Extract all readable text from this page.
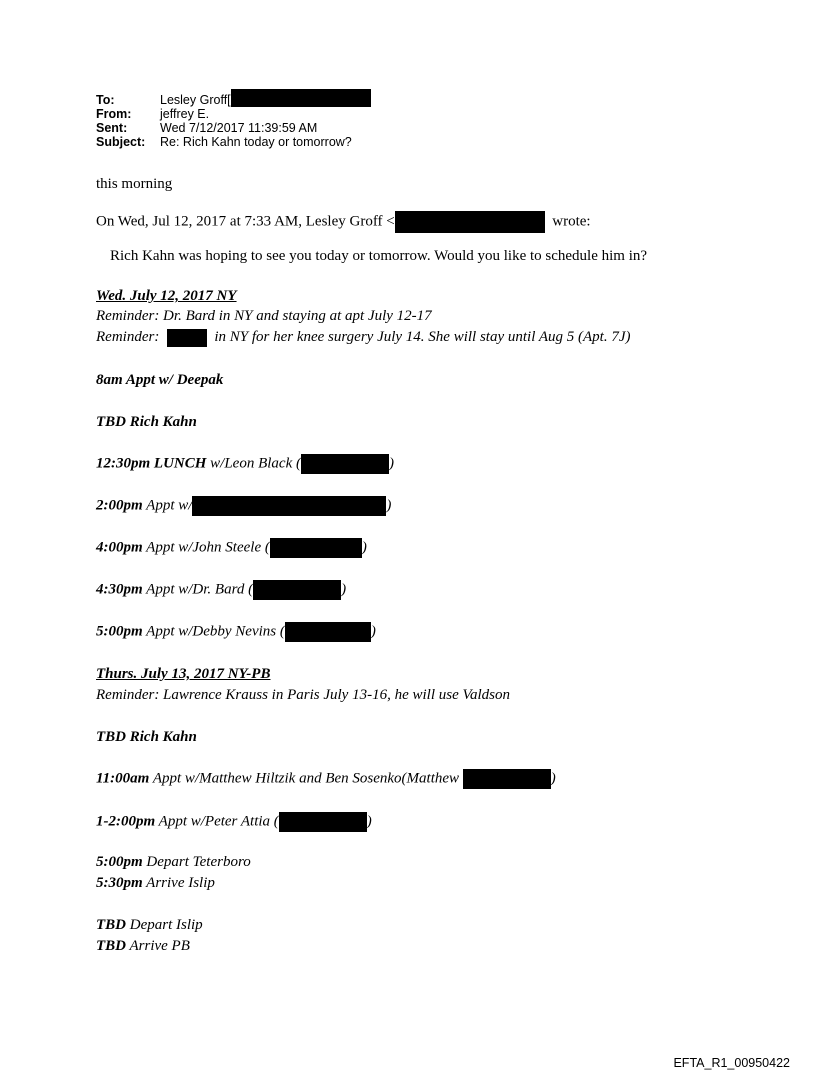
To:	Lesley Groff[
From:	jeffrey E.
Sent:	Wed 7/12/2017 11:39:59 AM
Subject:	Re: Rich Kahn today or tomorrow?
this morning
On Wed, Jul 12, 2017 at 7:33 AM, Lesley Groff <	wrote:
Rich Kahn was hoping to see you today or tomorrow. Would you like to schedule him in?
Wed. July 12, 2017 NY
Reminder: Dr. Bard in NY and staying at apt July 12-17
Reminder:	in NY for her knee surgery July 14. She will stay until Aug 5 (Apt. 7J)
8am Appt w/ Deepak
TBD Rich Kahn
12:30pm LUNCH w/Leon Black (	)
2:00pm Appt w/	)
4:00pm Appt w/John Steele (	)
4:30pm Appt w/Dr. Bard (	)
5:00pm Appt w/Debby Nevins (	)
Thurs. July 13, 2017 NY-PB
Reminder: Lawrence Krauss in Paris July 13-16, he will use Valdson
TBD Rich Kahn
11:00am Appt w/Matthew Hiltzik and Ben Sosenko(Matthew	)
1-2:00pm Appt w/Peter Attia (	)
5:00pm Depart Teterboro
5:30pm Arrive Islip
TBD Depart Islip
TBD Arrive PB
EFTA_R1_00950422
